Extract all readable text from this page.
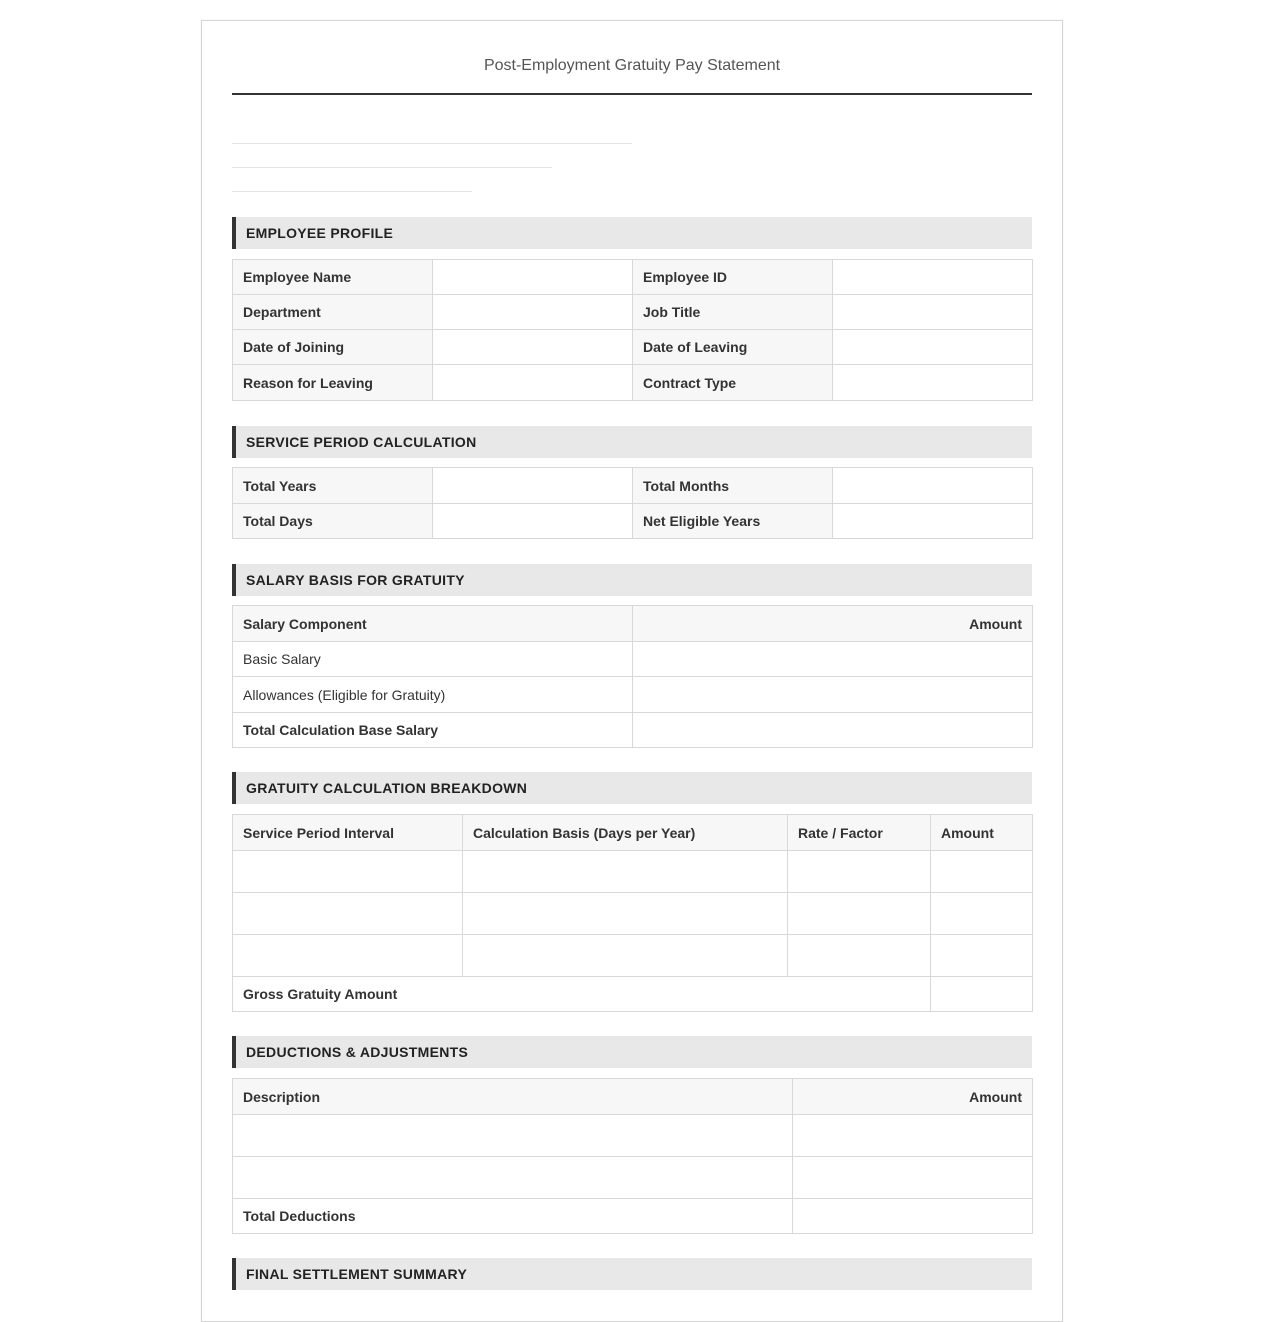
Post-Employment Gratuity Pay Statement
EMPLOYEE PROFILE
Employee Name		Employee ID	
Department		Job Title	
Date of Joining		Date of Leaving	
Reason for Leaving		Contract Type	
SERVICE PERIOD CALCULATION
Total Years		Total Months	
Total Days		Net Eligible Years	
SALARY BASIS FOR GRATUITY
Salary Component	Amount
Basic Salary	
Allowances (Eligible for Gratuity)	
Total Calculation Base Salary	
GRATUITY CALCULATION BREAKDOWN
Service Period Interval	Calculation Basis (Days per Year)	Rate / Factor	Amount

Gross Gratuity Amount			
DEDUCTIONS & ADJUSTMENTS
Description	Amount

Total Deductions	
FINAL SETTLEMENT SUMMARY
